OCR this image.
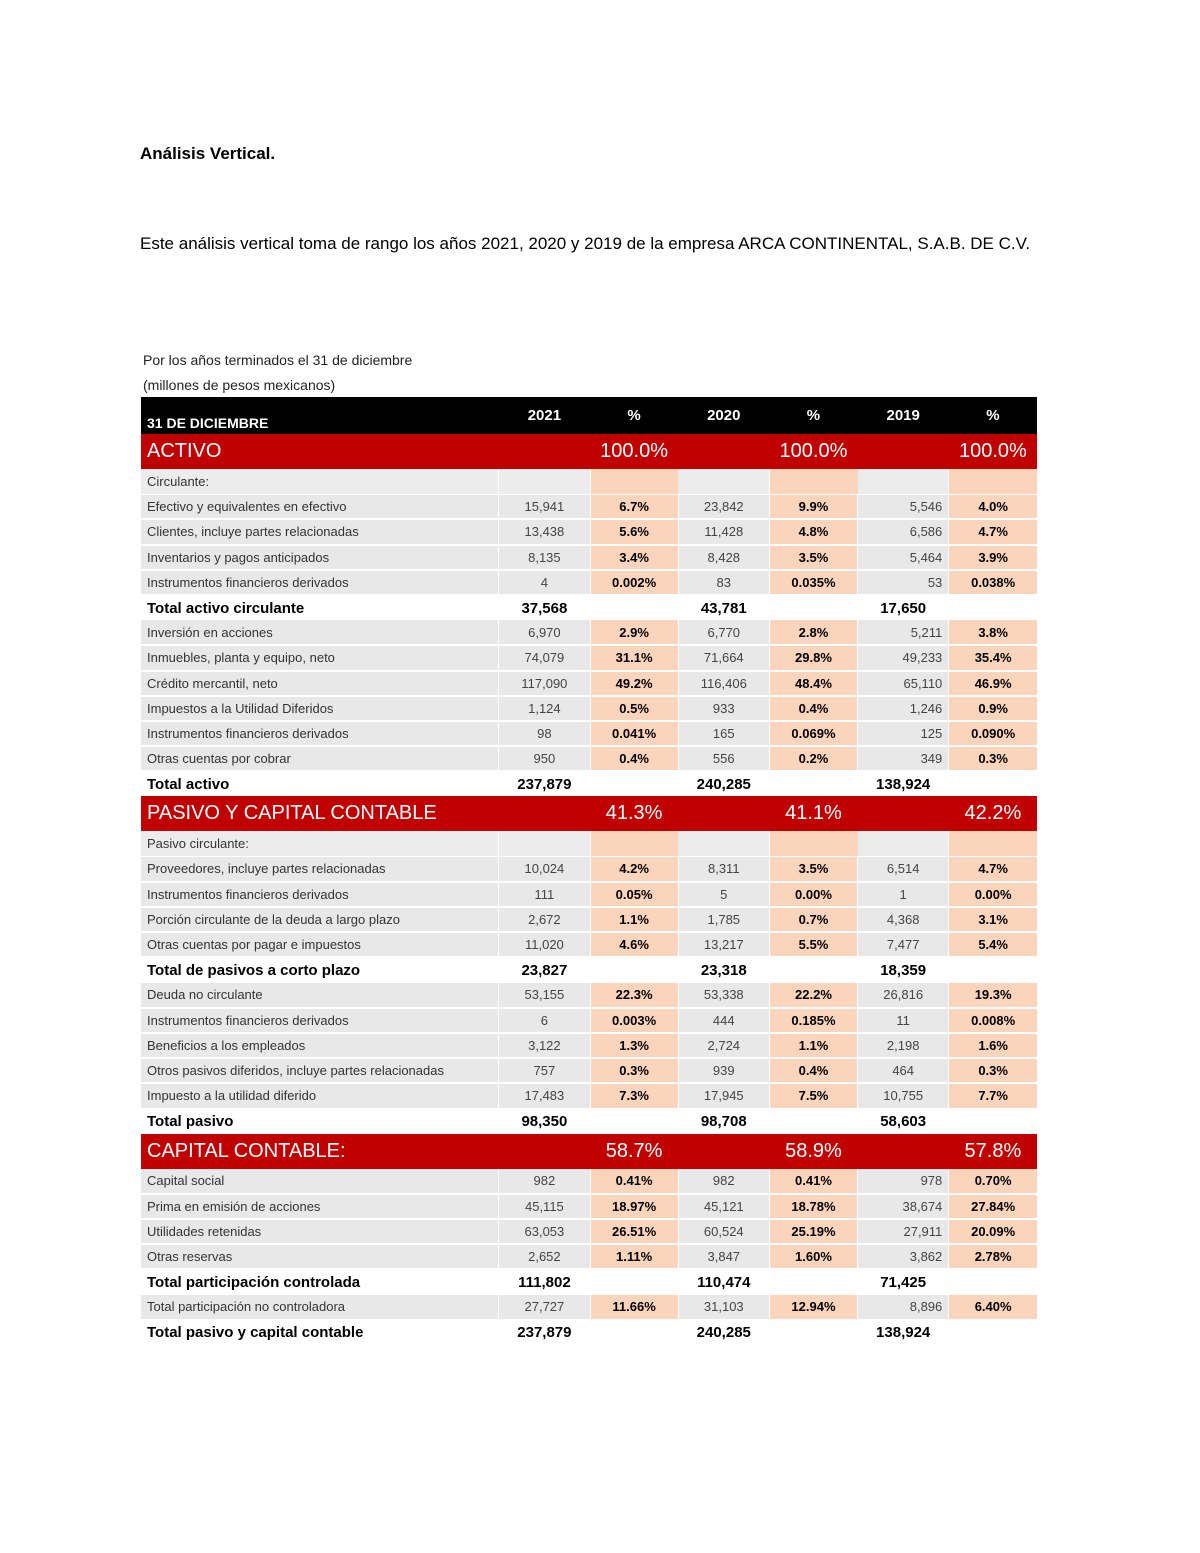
Análisis Vertical.
Este análisis vertical toma de rango los años 2021, 2020 y 2019 de la empresa ARCA CONTINENTAL, S.A.B. DE C.V.
Por los años terminados el 31 de diciembre
(millones de pesos mexicanos)
31 DE DICIEMBRE	2021	%	2020	%	2019	%
ACTIVO		100.0%		100.0%		100.0%
Circulante:						
Efectivo y equivalentes en efectivo	15,941	6.7%	23,842	9.9%	5,546	4.0%
Clientes, incluye partes relacionadas	13,438	5.6%	11,428	4.8%	6,586	4.7%
Inventarios y pagos anticipados	8,135	3.4%	8,428	3.5%	5,464	3.9%
Instrumentos financieros derivados	4	0.002%	83	0.035%	53	0.038%
Total activo circulante	37,568		43,781		17,650	
Inversión en acciones	6,970	2.9%	6,770	2.8%	5,211	3.8%
Inmuebles, planta y equipo, neto	74,079	31.1%	71,664	29.8%	49,233	35.4%
Crédito mercantil, neto	117,090	49.2%	116,406	48.4%	65,110	46.9%
Impuestos a la Utilidad Diferidos	1,124	0.5%	933	0.4%	1,246	0.9%
Instrumentos financieros derivados	98	0.041%	165	0.069%	125	0.090%
Otras cuentas por cobrar	950	0.4%	556	0.2%	349	0.3%
Total activo	237,879		240,285		138,924	
PASIVO Y CAPITAL CONTABLE		41.3%		41.1%		42.2%
Pasivo circulante:						
Proveedores, incluye partes relacionadas	10,024	4.2%	8,311	3.5%	6,514	4.7%
Instrumentos financieros derivados	111	0.05%	5	0.00%	1	0.00%
Porción circulante de la deuda a largo plazo	2,672	1.1%	1,785	0.7%	4,368	3.1%
Otras cuentas por pagar e impuestos	11,020	4.6%	13,217	5.5%	7,477	5.4%
Total de pasivos a corto plazo	23,827		23,318		18,359	
Deuda no circulante	53,155	22.3%	53,338	22.2%	26,816	19.3%
Instrumentos financieros derivados	6	0.003%	444	0.185%	11	0.008%
Beneficios a los empleados	3,122	1.3%	2,724	1.1%	2,198	1.6%
Otros pasivos diferidos, incluye partes relacionadas	757	0.3%	939	0.4%	464	0.3%
Impuesto a la utilidad diferido	17,483	7.3%	17,945	7.5%	10,755	7.7%
Total pasivo	98,350		98,708		58,603	
CAPITAL CONTABLE:		58.7%		58.9%		57.8%
Capital social	982	0.41%	982	0.41%	978	0.70%
Prima en emisión de acciones	45,115	18.97%	45,121	18.78%	38,674	27.84%
Utilidades retenidas	63,053	26.51%	60,524	25.19%	27,911	20.09%
Otras reservas	2,652	1.11%	3,847	1.60%	3,862	2.78%
Total participación controlada	111,802		110,474		71,425	
Total participación no controladora	27,727	11.66%	31,103	12.94%	8,896	6.40%
Total pasivo y capital contable	237,879		240,285		138,924	
